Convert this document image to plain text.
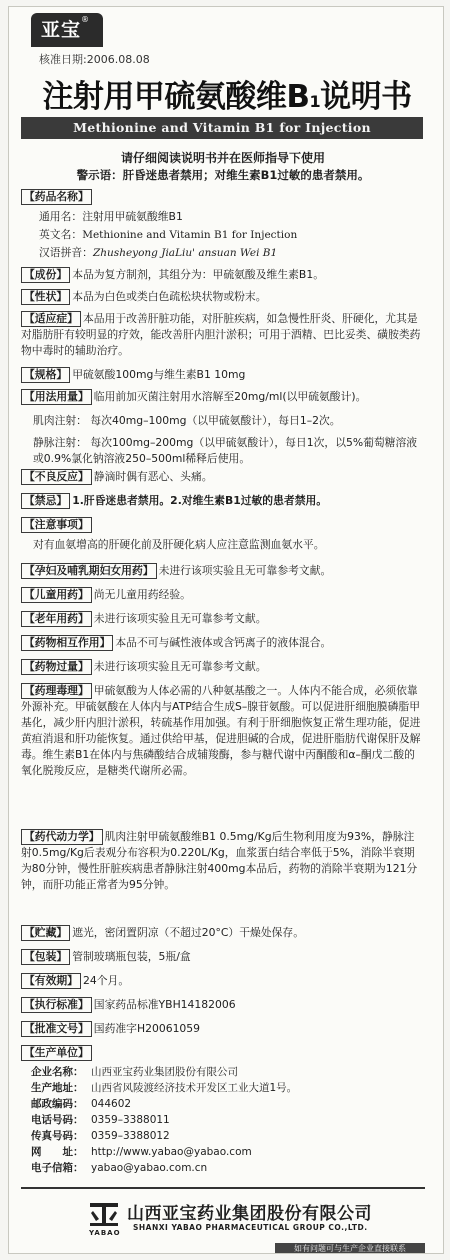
亚宝®
核准日期:2006.08.08
注射用甲硫氨酸维B1说明书
Methionine and Vitamin B1 for Injection
请仔细阅读说明书并在医师指导下使用
警示语：肝昏迷患者禁用；对维生素B1过敏的患者禁用。
【药品名称】
通用名：注射用甲硫氨酸维B1
英文名：Methionine and Vitamin B1 for Injection
汉语拼音：Zhusheyong JiaLiu' ansuan Wei B1

【成份】 本品为复方制剂，其组分为：甲硫氨酸及维生素B1。

【性状】 本品为白色或类白色疏松块状物或粉末。

【适应症】 本品用于改善肝脏功能，对肝脏疾病，如急慢性肝炎、肝硬化，尤其是对脂肪肝有较明显的疗效，能改善肝内胆汁淤积；可用于酒精、巴比妥类、磺胺类药物中毒时的辅助治疗。

【规格】 甲硫氨酸100mg与维生素B1 10mg

【用法用量】 临用前加灭菌注射用水溶解至20mg/ml(以甲硫氨酸计)。

肌肉注射： 每次40mg–100mg（以甲硫氨酸计），每日1–2次。

静脉注射： 每次100mg–200mg（以甲硫氨酸计），每日1次，以5%葡萄糖溶液或0.9%氯化钠溶液250–500ml稀释后使用。

【不良反应】 静滴时偶有恶心、头痛。

【禁忌】 1.肝昏迷患者禁用。2.对维生素B1过敏的患者禁用。

【注意事项】

对有血氨增高的肝硬化前及肝硬化病人应注意监测血氨水平。

【孕妇及哺乳期妇女用药】 未进行该项实验且无可靠参考文献。

【儿童用药】 尚无儿童用药经验。

【老年用药】 未进行该项实验且无可靠参考文献。

【药物相互作用】 本品不可与碱性液体或含钙离子的液体混合。

【药物过量】 未进行该项实验且无可靠参考文献。

【药理毒理】 甲硫氨酸为人体必需的八种氨基酸之一。人体内不能合成，必须依靠外源补充。甲硫氨酸在人体内与ATP结合生成S–腺苷氨酸。可以促进肝细胞膜磷脂甲基化，减少肝内胆汁淤积，转硫基作用加强。有利于肝细胞恢复正常生理功能，促进黄疸消退和肝功能恢复。通过供给甲基，促进胆碱的合成，促进肝脂肪代谢保肝及解毒。维生素B1在体内与焦磷酸结合成辅羧酶，参与糖代谢中丙酮酸和α–酮戊二酸的氧化脱羧反应，是糖类代谢所必需。

【药代动力学】 肌肉注射甲硫氨酸维B1 0.5mg/Kg后生物利用度为93%，静脉注射0.5mg/Kg后表观分布容积为0.220L/Kg，血浆蛋白结合率低于5%，消除半衰期为80分钟，慢性肝脏疾病患者静脉注射400mg本品后，药物的消除半衰期为121分钟，而肝功能正常者为95分钟。

【贮藏】 遮光，密闭置阴凉（不超过20°C）干燥处保存。

【包装】 管制玻璃瓶包装，5瓶/盒

【有效期】 24个月。

【执行标准】 国家药品标准YBH14182006

【批准文号】 国药准字H20061059

【生产单位】

企业名称： 山西亚宝药业集团股份有限公司
生产地址： 山西省风陵渡经济技术开发区工业大道1号。
邮政编码： 044602
电话号码： 0359–3388011
传真号码： 0359–3388012
网　　址： http://www.yabao@yabao.com
电子信箱： yabao@yabao.com.cn
YABAO
山西亚宝药业集团股份有限公司
SHANXI YABAO PHARMACEUTICAL GROUP CO.,LTD.
如有问题可与生产企业直接联系
